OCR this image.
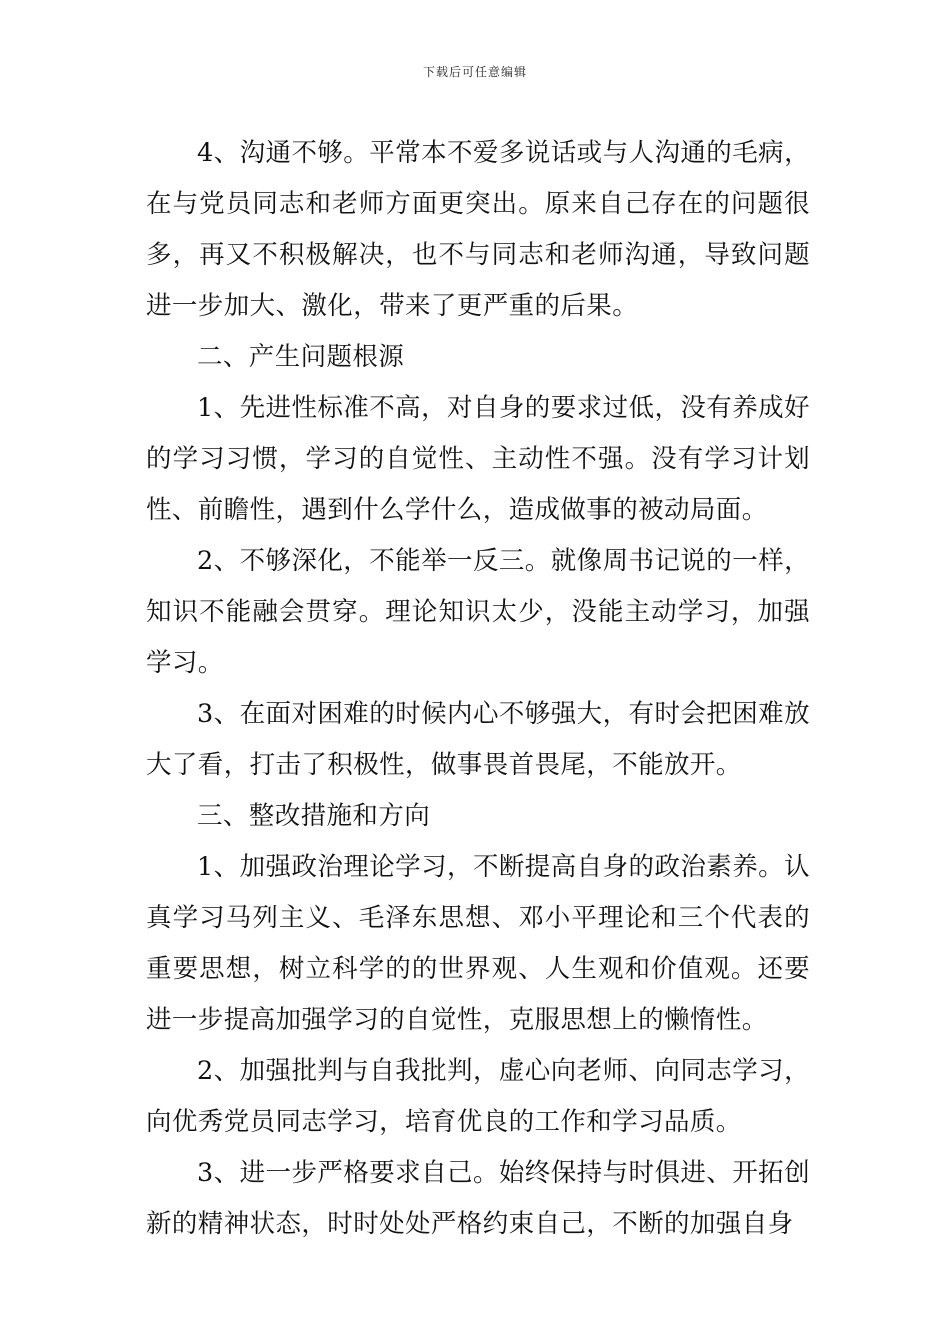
下载后可任意编辑

4、沟通不够。平常本不爱多说话或与人沟通的毛病，在与党员同志和老师方面更突出。原来自己存在的问题很多，再又不积极解决，也不与同志和老师沟通，导致问题进一步加大、激化，带来了更严重的后果。

二、产生问题根源

1、先进性标准不高，对自身的要求过低，没有养成好的学习习惯，学习的自觉性、主动性不强。没有学习计划性、前瞻性，遇到什么学什么，造成做事的被动局面。

2、不够深化，不能举一反三。就像周书记说的一样，知识不能融会贯穿。理论知识太少，没能主动学习，加强学习。

3、在面对困难的时候内心不够强大，有时会把困难放大了看，打击了积极性，做事畏首畏尾，不能放开。

三、整改措施和方向

1、加强政治理论学习，不断提高自身的政治素养。认真学习马列主义、毛泽东思想、邓小平理论和三个代表的重要思想，树立科学的的世界观、人生观和价值观。还要进一步提高加强学习的自觉性，克服思想上的懒惰性。

2、加强批判与自我批判，虚心向老师、向同志学习，向优秀党员同志学习，培育优良的工作和学习品质。

3、进一步严格要求自己。始终保持与时俱进、开拓创新的精神状态，时时处处严格约束自己，不断的加强自身
